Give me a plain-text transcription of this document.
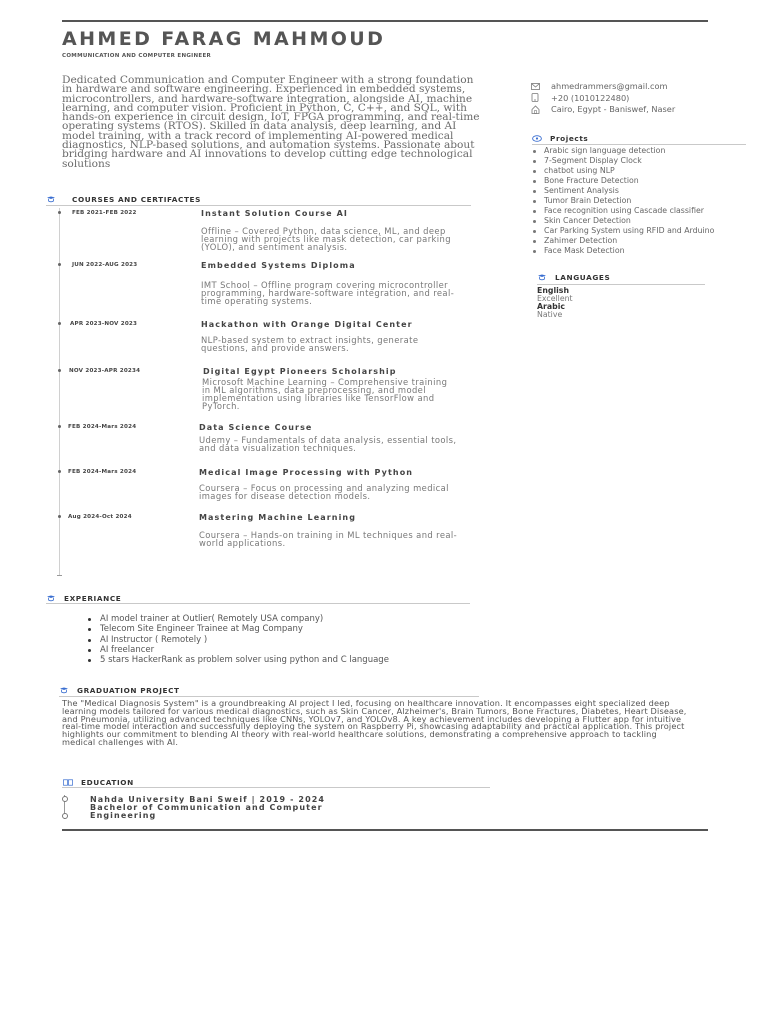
AHMED FARAG MAHMOUD
COMMUNICATION AND COMPUTER ENGINEER

Dedicated Communication and Computer Engineer with a strong foundation in hardware and software engineering. Experienced in embedded systems, microcontrollers, and hardware-software integration, alongside AI, machine learning, and computer vision. Proficient in Python, C, C++, and SQL, with hands-on experience in circuit design, IoT, FPGA programming, and real-time operating systems (RTOS). Skilled in data analysis, deep learning, and AI model training, with a track record of implementing AI-powered medical diagnostics, NLP-based solutions, and automation systems. Passionate about bridging hardware and AI innovations to develop cutting edge technological solutions

ahmedrammers@gmail.com
+20 (1010122480)
Cairo, Egypt - Baniswef, Naser
Projects
Arabic sign language detection
7-Segment Display Clock
chatbot using NLP
Bone Fracture Detection
Sentiment Analysis
Tumor Brain Detection
Face recognition using Cascade classifier
Skin Cancer Detection
Car Parking System using RFID and Arduino
Zahimer Detection
Face Mask Detection
LANGUAGES
English
Excellent
Arabic
Native
COURSES AND CERTIFACTES
FEB 2021-FEB 2022	Instant Solution Course AI
Offline – Covered Python, data science, ML, and deep learning with projects like mask detection, car parking (YOLO), and sentiment analysis.
JUN 2022-AUG 2023	Embedded Systems Diploma
IMT School – Offline program covering microcontroller programming, hardware-software integration, and real-time operating systems.
APR 2023-NOV 2023	Hackathon with Orange Digital Center
NLP-based system to extract insights, generate questions, and provide answers.
NOV 2023-APR 20234	Digital Egypt Pioneers Scholarship
Microsoft Machine Learning – Comprehensive training in ML algorithms, data preprocessing, and model implementation using libraries like TensorFlow and PyTorch.
FEB 2024-Mars 2024	Data Science Course
Udemy – Fundamentals of data analysis, essential tools, and data visualization techniques.
FEB 2024-Mars 2024	Medical Image Processing with Python
Coursera – Focus on processing and analyzing medical images for disease detection models.
Aug 2024-Oct 2024	Mastering Machine Learning
Coursera – Hands-on training in ML techniques and real-world applications.
EXPERIANCE
AI model trainer at Outlier( Remotely USA company)
Telecom Site Engineer Trainee at Mag Company
AI Instructor ( Remotely )
AI freelancer
5 stars HackerRank as problem solver using python and C language
GRADUATION PROJECT

The "Medical Diagnosis System" is a groundbreaking AI project I led, focusing on healthcare innovation. It encompasses eight specialized deep learning models tailored for various medical diagnostics, such as Skin Cancer, Alzheimer's, Brain Tumors, Bone Fractures, Diabetes, Heart Disease, and Pneumonia, utilizing advanced techniques like CNNs, YOLOv7, and YOLOv8. A key achievement includes developing a Flutter app for intuitive real-time model interaction and successfully deploying the system on Raspberry Pi, showcasing adaptability and practical application. This project highlights our commitment to blending AI theory with real-world healthcare solutions, demonstrating a comprehensive approach to tackling medical challenges with AI.

EDUCATION
Nahda University Bani Sweif | 2019 - 2024
Bachelor of Communication and Computer
Engineering
